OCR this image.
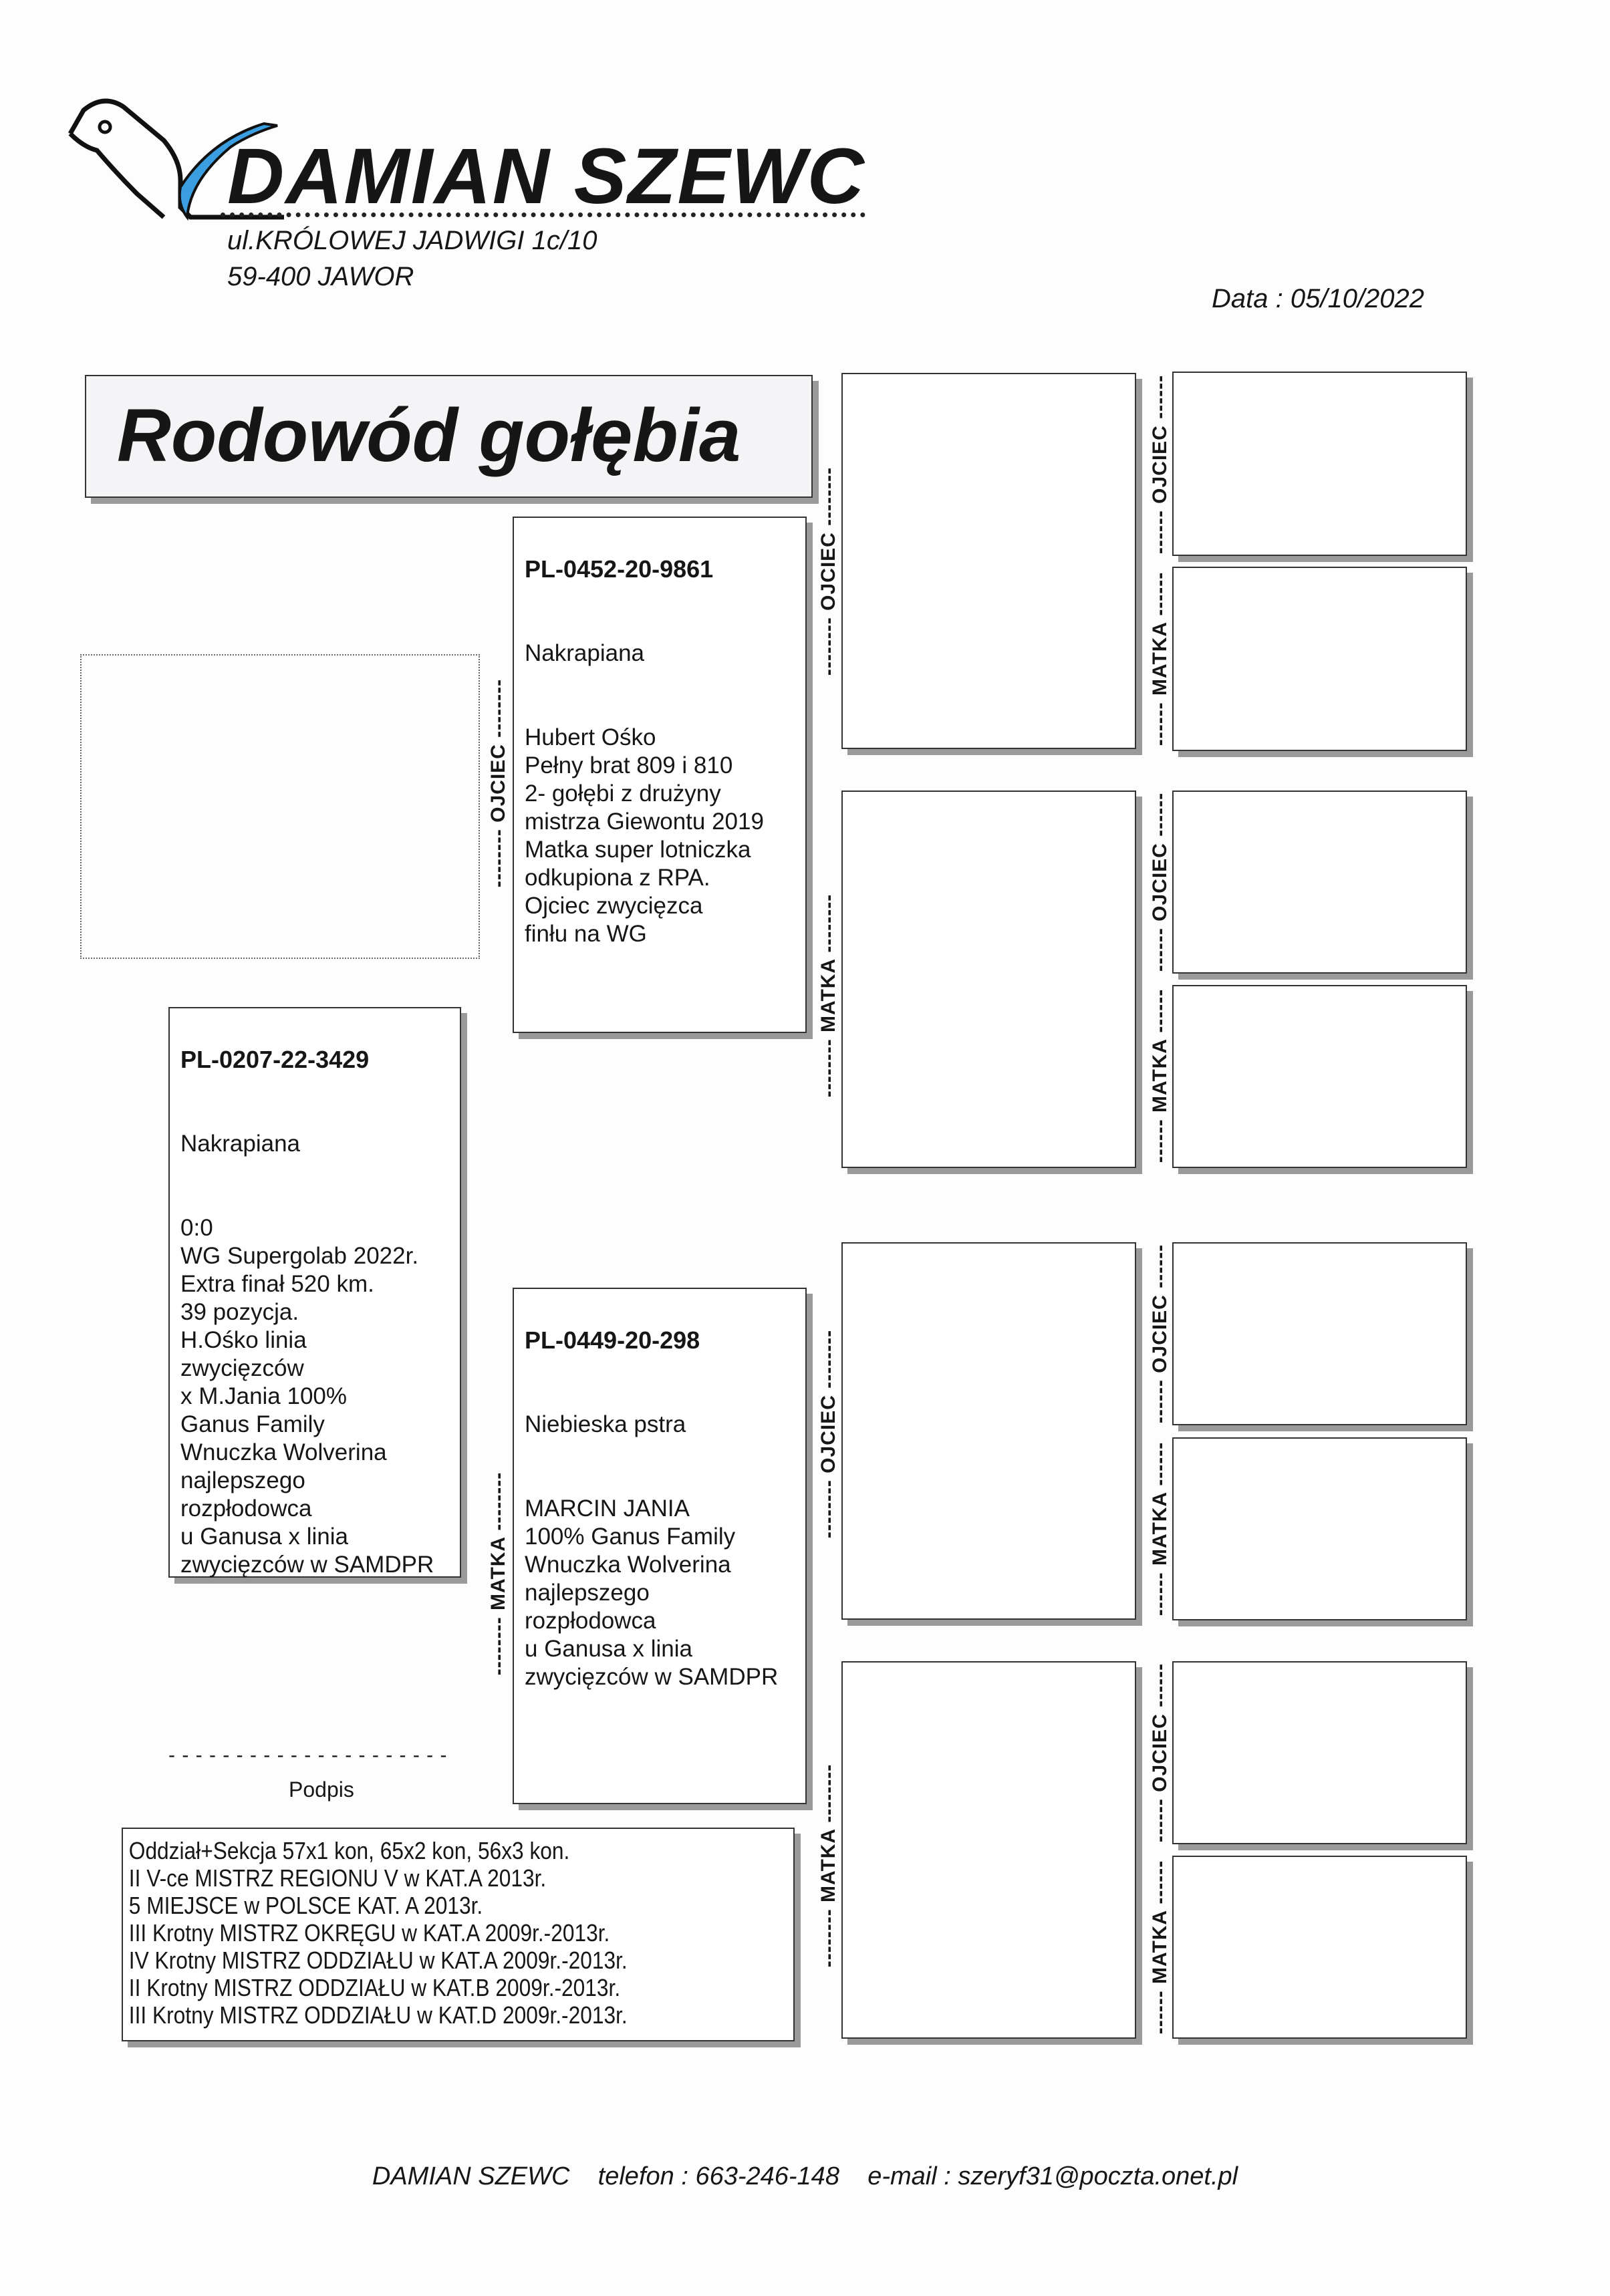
DAMIAN SZEWC
ul.KRÓLOWEJ JADWIGI 1c/10
59-400 JAWOR
Data : 05/10/2022
Rodowód gołębia

PL-0207-22-3429

Nakrapiana

0:0
WG Supergolab 2022r.
Extra finał 520 km.
39 pozycja.
H.Ośko linia
zwycięzców
x M.Jania 100%
Ganus Family
Wnuczka Wolverina
najlepszego
rozpłodowca
u Ganusa x linia
zwycięzców w SAMDPR

- - - - - - - - - - - - - - - - - - - - -
Podpis
-------- OJCIEC --------

PL-0452-20-9861

Nakrapiana

Hubert Ośko
Pełny brat 809 i 810
2- gołębi z drużyny
mistrza Giewontu 2019
Matka super lotniczka
odkupiona z RPA.
Ojciec zwycięzca
finłu na WG

-------- MATKA --------

PL-0449-20-298

Niebieska pstra

MARCIN JANIA
100% Ganus Family
Wnuczka Wolverina
najlepszego
rozpłodowca
u Ganusa x linia
zwycięzców w SAMDPR

-------- OJCIEC --------
-------- MATKA --------
-------- OJCIEC --------
-------- MATKA --------
------ OJCIEC ------
------ MATKA ------
------ OJCIEC ------
------ MATKA ------
------ OJCIEC ------
------ MATKA ------
------ OJCIEC ------
------ MATKA ------
Oddział+Sekcja 57x1 kon, 65x2 kon, 56x3 kon.
II V-ce MISTRZ REGIONU V w KAT.A 2013r.
5 MIEJSCE w POLSCE KAT. A 2013r.
III Krotny MISTRZ OKRĘGU w KAT.A 2009r.-2013r.
IV Krotny MISTRZ ODDZIAŁU w KAT.A 2009r.-2013r.
II Krotny MISTRZ ODDZIAŁU w KAT.B 2009r.-2013r.
III Krotny MISTRZ ODDZIAŁU w KAT.D 2009r.-2013r.
DAMIAN SZEWC telefon : 663-246-148 e-mail : szeryf31@poczta.onet.pl
